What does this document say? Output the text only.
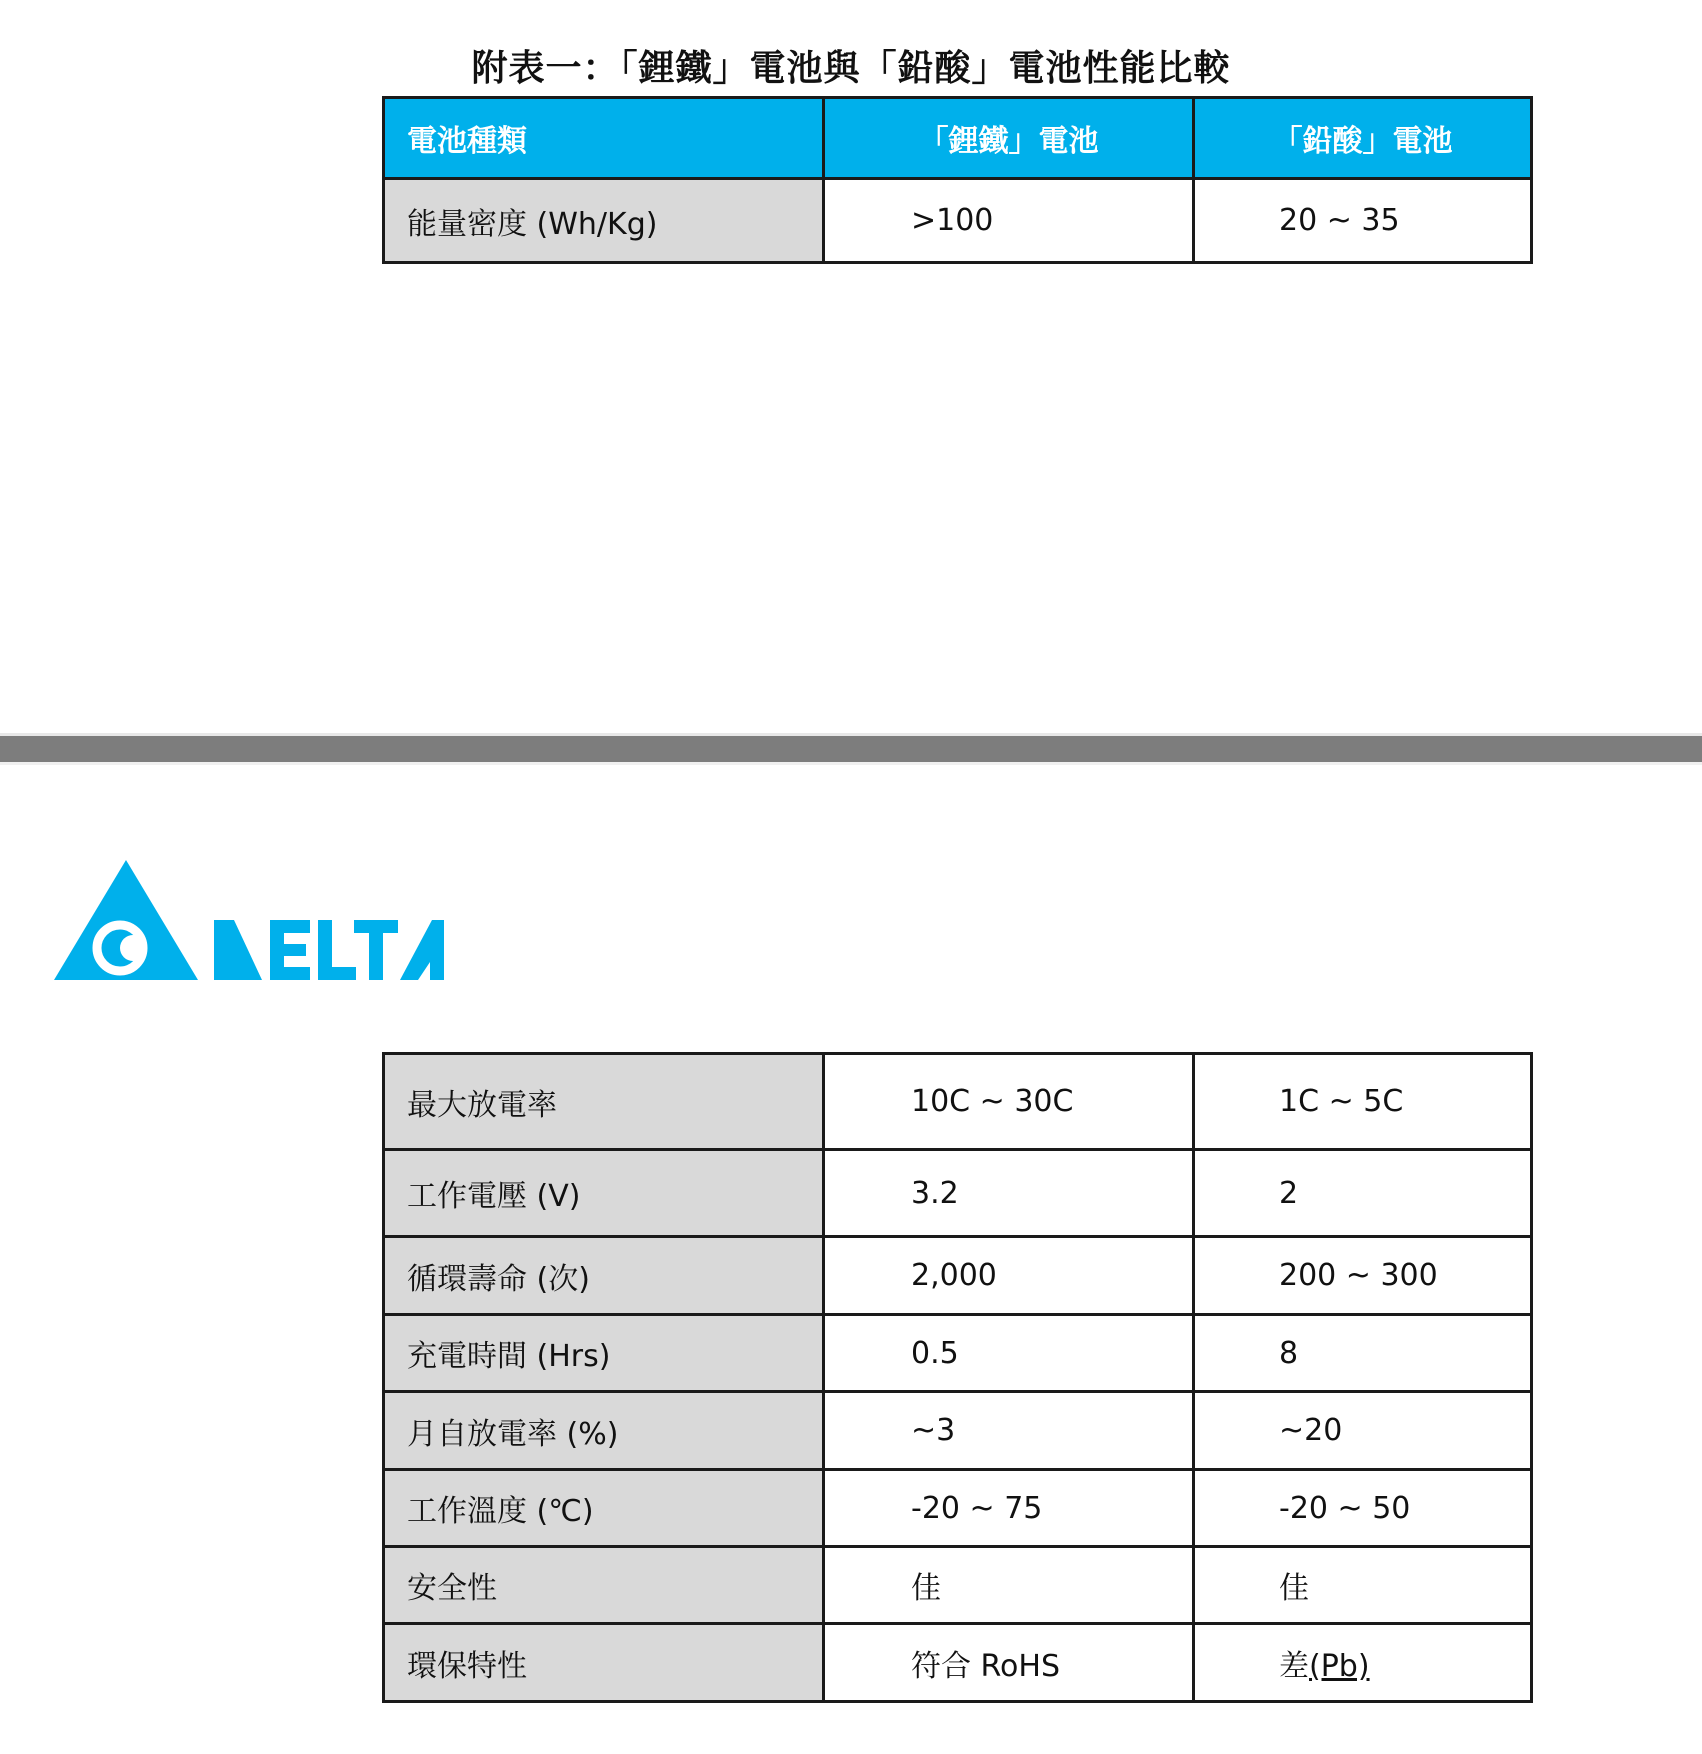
附表一：「鋰鐵」電池與「鉛酸」電池性能比較
電池種類	「鋰鐵」電池	「鉛酸」電池
能量密度 (Wh/Kg)	>100	20 ~ 35
最大放電率	10C ~ 30C	1C ~ 5C
工作電壓 (V)	3.2	2
循環壽命 (次)	2,000	200 ~ 300
充電時間 (Hrs)	0.5	8
月自放電率 (%)	~3	~20
工作溫度 (℃)	-20 ~ 75	-20 ~ 50
安全性	佳	佳
環保特性	符合 RoHS	差(Pb)
